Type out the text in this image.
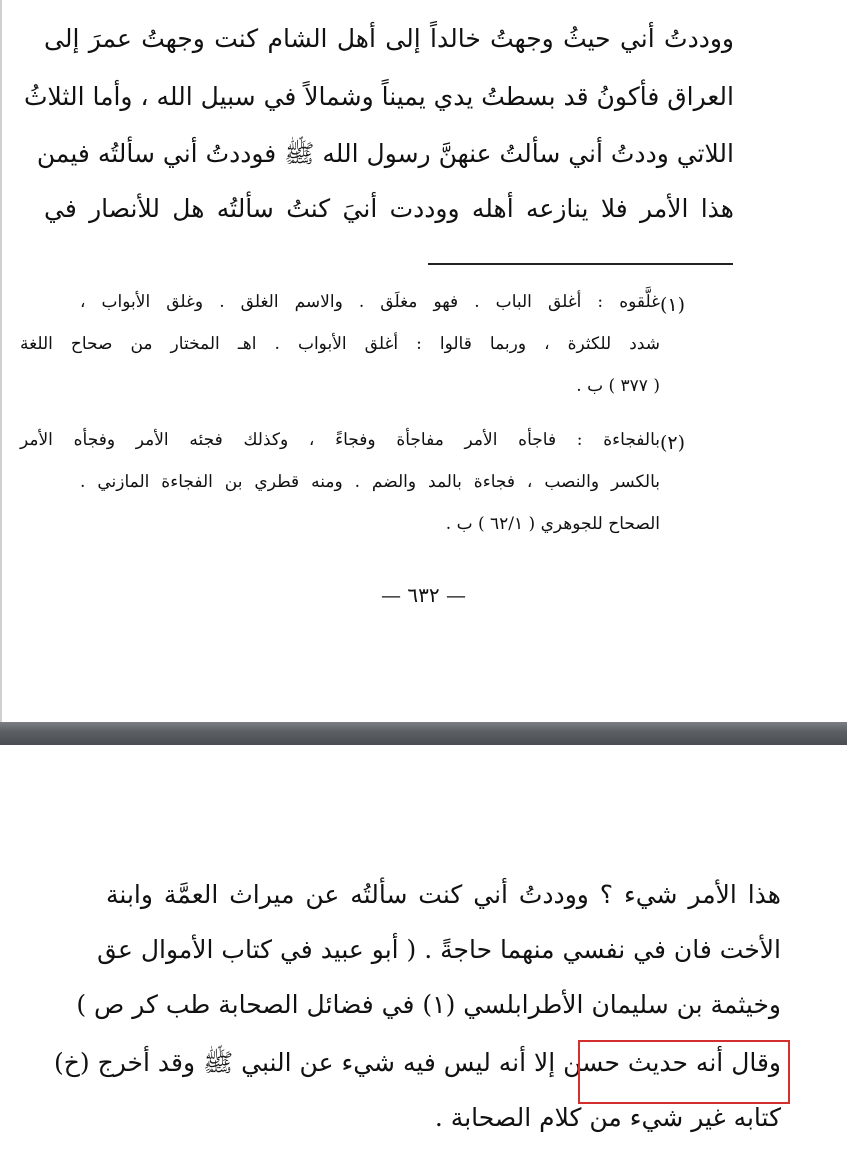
ووددتُ أني حيثُ وجهتُ خالداً إلى أهل الشام كنت وجهتُ عمرَ إلى
العراق فأكونُ قد بسطتُ يدي يميناً وشمالاً في سبيل الله ، وأما الثلاثُ
اللاتي وددتُ أني سألتُ عنهنَّ رسول الله ﷺ فوددتُ أني سألتُه فيمن
هذا الأمر فلا ينازعه أهله ووددت أنيَ كنتُ سألتُه هل للأنصار في
(١)
غلَّقوه : أغلق الباب . فهو مغلَق . والاسم الغلق . وغلق الأبواب ،
شدد للكثرة ، وربما قالوا : أغلق الأبواب . اهـ المختار من صحاح اللغة
( ٣٧٧ ) ب .
(٢)
بالفجاءة : فاجأه الأمر مفاجأة وفجاءً ، وكذلك فجئه الأمر وفجأه الأمر
بالكسر والنصب ، فجاءة بالمد والضم . ومنه قطري بن الفجاءة المازني .
الصحاح للجوهري ( ٦٢/١ ) ب .
— ٦٣٢ —
هذا الأمر شيء ؟ ووددتُ أني كنت سألتُه عن ميراث العمَّة وابنة
الأخت فان في نفسي منهما حاجةً . ( أبو عبيد في كتاب الأموال عق
وخيثمة بن سليمان الأطرابلسي (١) في فضائل الصحابة طب كر ص )
وقال أنه حديث حسن إلا أنه ليس فيه شيء عن النبي ﷺ وقد أخرج (خ)
كتابه غير شيء من كلام الصحابة .
